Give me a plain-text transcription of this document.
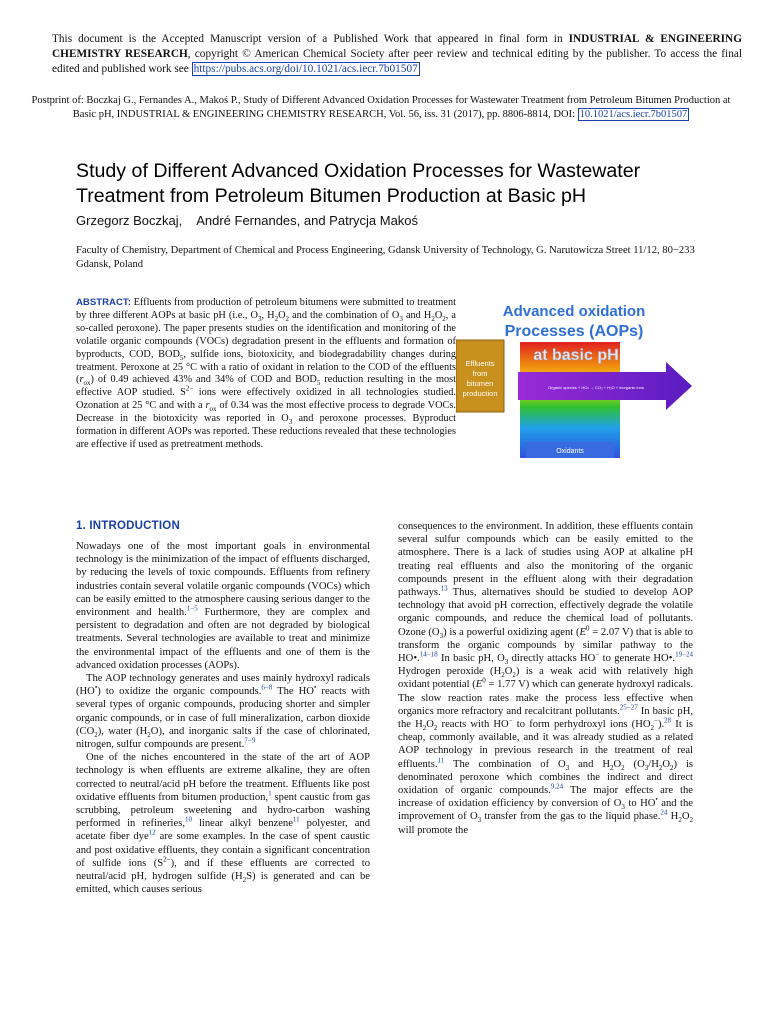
This document is the Accepted Manuscript version of a Published Work that appeared in final form in INDUSTRIAL & ENGINEERING CHEMISTRY RESEARCH, copyright © American Chemical Society after peer review and technical editing by the publisher. To access the final edited and published work see https://pubs.acs.org/doi/10.1021/acs.iecr.7b01507
Postprint of: Boczkaj G., Fernandes A., Makoś P., Study of Different Advanced Oxidation Processes for Wastewater Treatment from Petroleum Bitumen Production at Basic pH, INDUSTRIAL & ENGINEERING CHEMISTRY RESEARCH, Vol. 56, iss. 31 (2017), pp. 8806-8814, DOI: 10.1021/acs.iecr.7b01507
Study of Different Advanced Oxidation Processes for Wastewater Treatment from Petroleum Bitumen Production at Basic pH
Grzegorz Boczkaj, André Fernandes, and Patrycja Makoś
Faculty of Chemistry, Department of Chemical and Process Engineering, Gdansk University of Technology, G. Narutowicza Street 11/12, 80−233 Gdansk, Poland
ABSTRACT: Effluents from production of petroleum bitumens were submitted to treatment by three different AOPs at basic pH (i.e., $O_3$, $H_2O_2$ and the combination of $O_3$ and $H_2O_2$, a so-called peroxone). The paper presents studies on the identification and monitoring of the volatile organic compounds (VOCs) degradation present in the effluents and formation of byproducts, COD, $BOD_5$, sulfide ions, biotoxicity, and biodegradability changes during treatment. Peroxone at 25 °C with a ratio of oxidant in relation to the COD of the effluents $(r_{ox})$ of 0.49 achieved 43% and 34% of COD and $BOD_5$ reduction resulting in the most effective AOP studied. $S^{2-}$ ions were effectively oxidized in all technologies studied. Ozonation at 25 °C and with a $r_{ox}$ of 0.34 was the most effective process to degrade VOCs. Decrease in the biotoxicity was reported in $O_3$ and peroxone processes. Byproduct formation in different AOPs was reported. These reductions revealed that these technologies are effective if used as pretreatment methods.
Advanced oxidation
Processes (AOPs)
at basic pH
Organic species + HO• → CO₂ + H₂O + inorganic ions
Effluents
from
bitumen
production
Oxidants
1. INTRODUCTION

Nowadays one of the most important goals in environmental technology is the minimization of the impact of effluents discharged, by reducing the levels of toxic compounds. Effluents from refinery industries contain several volatile organic compounds (VOCs) which can be easily emitted to the atmosphere causing serious danger to the environment and health.$^{1-5}$ Furthermore, they are complex and persistent to degradation and often are not degraded by biological treatments. Several technologies are available to treat and minimize the environmental impact of the effluents and one of them is the advanced oxidation processes (AOPs).

The AOP technology generates and uses mainly hydroxyl radicals (HO•) to oxidize the organic compounds.$^{6-8}$ The HO• reacts with several types of organic compounds, producing shorter and simpler organic compounds, or in case of full mineralization, carbon dioxide $(CO_2)$, water $(H_2O)$, and inorganic salts if the case of chlorinated, nitrogen, sulfur compounds are present.$^{7-9}$

One of the niches encountered in the state of the art of AOP technology is when effluents are extreme alkaline, they are often corrected to neutral/acid pH before the treatment. Effluents like post oxidative effluents from bitumen production,$^1$ spent caustic from gas scrubbing, petroleum sweetening and hydro-carbon washing performed in refineries,$^{10}$ linear alkyl benzene$^{11}$ polyester, and acetate fiber dye$^{12}$ are some examples. In the case of spent caustic and post oxidative effluents, they contain a significant concentration of sulfide ions $(S^{2-})$, and if these effluents are corrected to neutral/acid pH, hydrogen sulfide $(H_2S)$ is generated and can be emitted, which causes serious

consequences to the environment. In addition, these effluents contain several sulfur compounds which can be easily emitted to the atmosphere. There is a lack of studies using AOP at alkaline pH treating real effluents and also the monitoring of the organic compounds present in the effluent along with their degradation pathways.$^{13}$ Thus, alternatives should be studied to develop AOP technology that avoid pH correction, effectively degrade the volatile organic compounds, and reduce the chemical load of pollutants. Ozone $(O_3)$ is a powerful oxidizing agent ($E^0 = 2.07$ V) that is able to transform the organic compounds by similar pathway to the HO•.$^{14-18}$ In basic pH, $O_3$ directly attacks HO− to generate HO•.$^{19-24}$ Hydrogen peroxide $(H_2O_2)$ is a weak acid with relatively high oxidant potential ($E^0 = 1.77$ V) which can generate hydroxyl radicals. The slow reaction rates make the process less effective when organics more refractory and recalcitrant pollutants.$^{25-27}$ In basic pH, the $H_2O_2$ reacts with HO− to form perhydroxyl ions $(HO_2^-).^{28}$ It is cheap, commonly available, and it was already studied as a related AOP technology in previous research in the treatment of real effluents.$^{11}$ The combination of $O_3$ and $H_2O_2$ $(O_3/H_2O_2)$ is denominated peroxone which combines the indirect and direct oxidation of organic compounds.$^{9,24}$ The major effects are the increase of oxidation efficiency by conversion of $O_3$ to HO• and the improvement of $O_3$ transfer from the gas to the liquid phase.$^{24}$ $H_2O_2$ will promote the
